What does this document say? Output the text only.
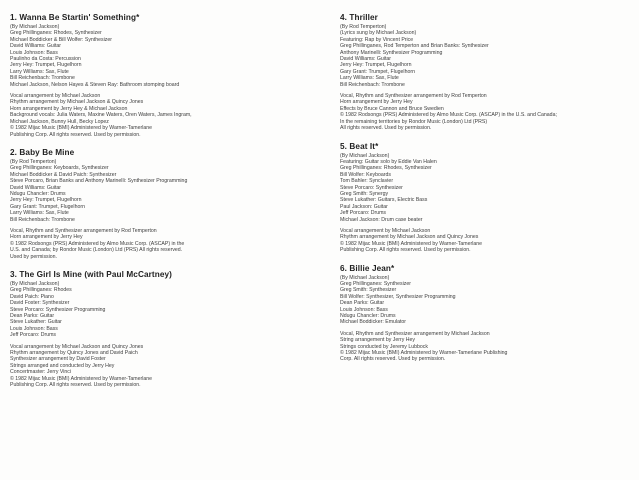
1. Wanna Be Startin' Something*
(By Michael Jackson)
Greg Phillinganes: Rhodes, Synthesizer
Michael Boddicker & Bill Wolfer: Synthesizer
David Williams: Guitar
Louis Johnson: Bass
Paulinho da Costa: Percussion
Jerry Hey: Trumpet, Flugelhorn
Larry Williams: Sax, Flute
Bill Reichenbach: Trombone
Michael Jackson, Nelson Hayes & Steven Ray: Bathroom stomping board
Vocal arrangement by Michael Jackson
Rhythm arrangement by Michael Jackson & Quincy Jones
Horn arrangement by Jerry Hey & Michael Jackson
Background vocals: Julia Waters, Maxine Waters, Oren Waters, James Ingram,
Michael Jackson, Bunny Hull, Becky Lopez
© 1982 Mijac Music (BMI) Administered by Warner-Tamerlane
Publishing Corp. All rights reserved. Used by permission.
2. Baby Be Mine
(By Rod Temperton)
Greg Phillinganes: Keyboards, Synthesizer
Michael Boddicker & David Paich: Synthesizer
Steve Porcaro, Brian Banks and Anthony Marinelli: Synthesizer Programming
David Williams: Guitar
Ndugu Chancler: Drums
Jerry Hey: Trumpet, Flugelhorn
Gary Grant: Trumpet, Flugelhorn
Larry Williams: Sax, Flute
Bill Reichenbach: Trombone
Vocal, Rhythm and Synthesizer arrangement by Rod Temperton
Horn arrangement by Jerry Hey
© 1982 Rodsongs (PRS) Administered by Almo Music Corp. (ASCAP) in the
U.S. and Canada; by Rondor Music (London) Ltd (PRS) All rights reserved.
Used by permission.
3. The Girl Is Mine (with Paul McCartney)
(By Michael Jackson)
Greg Phillinganes: Rhodes
David Paich: Piano
David Foster: Synthesizer
Steve Porcaro: Synthesizer Programming
Dean Parks: Guitar
Steve Lukather: Guitar
Louis Johnson: Bass
Jeff Porcaro: Drums
Vocal arrangement by Michael Jackson and Quincy Jones
Rhythm arrangement by Quincy Jones and David Paich
Synthesizer arrangement by David Foster
Strings arranged and conducted by Jerry Hey
Concertmaster: Jerry Vinci
© 1982 Mijac Music (BMI) Administered by Warner-Tamerlane
Publishing Corp. All rights reserved. Used by permission.
4. Thriller
(By Rod Temperton)
(Lyrics sung by Michael Jackson)
Featuring: Rap by Vincent Price
Greg Phillinganes, Rod Temperton and Brian Banks: Synthesizer
Anthony Marinelli: Synthesizer Programming
David Williams: Guitar
Jerry Hey: Trumpet, Flugelhorn
Gary Grant: Trumpet, Flugelhorn
Larry Williams: Sax, Flute
Bill Reichenbach: Trombone
Vocal, Rhythm and Synthesizer arrangement by Rod Temperton
Horn arrangement by Jerry Hey
Effects by Bruce Cannon and Bruce Swedien
© 1982 Rodsongs (PRS) Administered by Almo Music Corp. (ASCAP) in the U.S. and Canada;
In the remaining territories by Rondor Music (London) Ltd (PRS)
All rights reserved. Used by permission.
5. Beat It*
(By Michael Jackson)
Featuring: Guitar solo by Eddie Van Halen
Greg Phillinganes: Rhodes, Synthesizer
Bill Wolfer: Keyboards
Tom Bahler: Synclavier
Steve Porcaro: Synthesizer
Greg Smith: Synergy
Steve Lukather: Guitars, Electric Bass
Paul Jackson: Guitar
Jeff Porcaro: Drums
Michael Jackson: Drum case beater
Vocal arrangement by Michael Jackson
Rhythm arrangement by Michael Jackson and Quincy Jones
© 1982 Mijac Music (BMI) Administered by Warner-Tamerlane
Publishing Corp. All rights reserved. Used by permission.
6. Billie Jean*
(By Michael Jackson)
Greg Phillinganes: Synthesizer
Greg Smith: Synthesizer
Bill Wolfer: Synthesizer, Synthesizer Programming
Dean Parks: Guitar
Louis Johnson: Bass
Ndugu Chancler: Drums
Michael Boddicker: Emulator
Vocal, Rhythm and Synthesizer arrangement by Michael Jackson
String arrangement by Jerry Hey
Strings conducted by Jeremy Lubbock
© 1982 Mijac Music (BMI) Administered by Warner-Tamerlane Publishing
Corp. All rights reserved. Used by permission.
